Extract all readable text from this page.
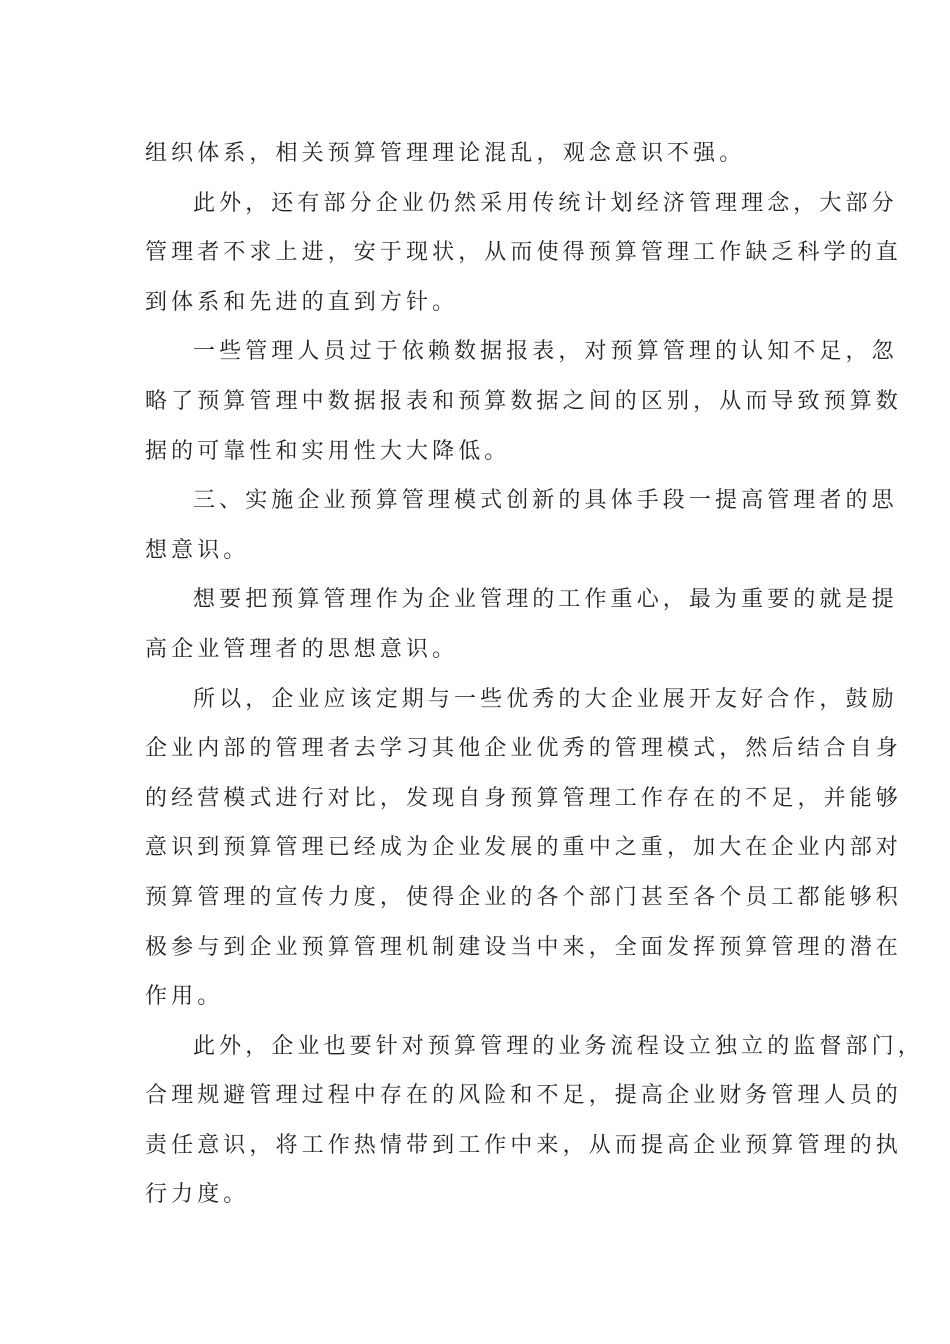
组织体系，相关预算管理理论混乱，观念意识不强。
此外，还有部分企业仍然采用传统计划经济管理理念，大部分
管理者不求上进，安于现状，从而使得预算管理工作缺乏科学的直
到体系和先进的直到方针。
一些管理人员过于依赖数据报表，对预算管理的认知不足，忽
略了预算管理中数据报表和预算数据之间的区别，从而导致预算数
据的可靠性和实用性大大降低。
三、实施企业预算管理模式创新的具体手段一提高管理者的思
想意识。
想要把预算管理作为企业管理的工作重心，最为重要的就是提
高企业管理者的思想意识。
所以，企业应该定期与一些优秀的大企业展开友好合作，鼓励
企业内部的管理者去学习其他企业优秀的管理模式，然后结合自身
的经营模式进行对比，发现自身预算管理工作存在的不足，并能够
意识到预算管理已经成为企业发展的重中之重，加大在企业内部对
预算管理的宣传力度，使得企业的各个部门甚至各个员工都能够积
极参与到企业预算管理机制建设当中来，全面发挥预算管理的潜在
作用。
此外，企业也要针对预算管理的业务流程设立独立的监督部门，
合理规避管理过程中存在的风险和不足，提高企业财务管理人员的
责任意识，将工作热情带到工作中来，从而提高企业预算管理的执
行力度。
